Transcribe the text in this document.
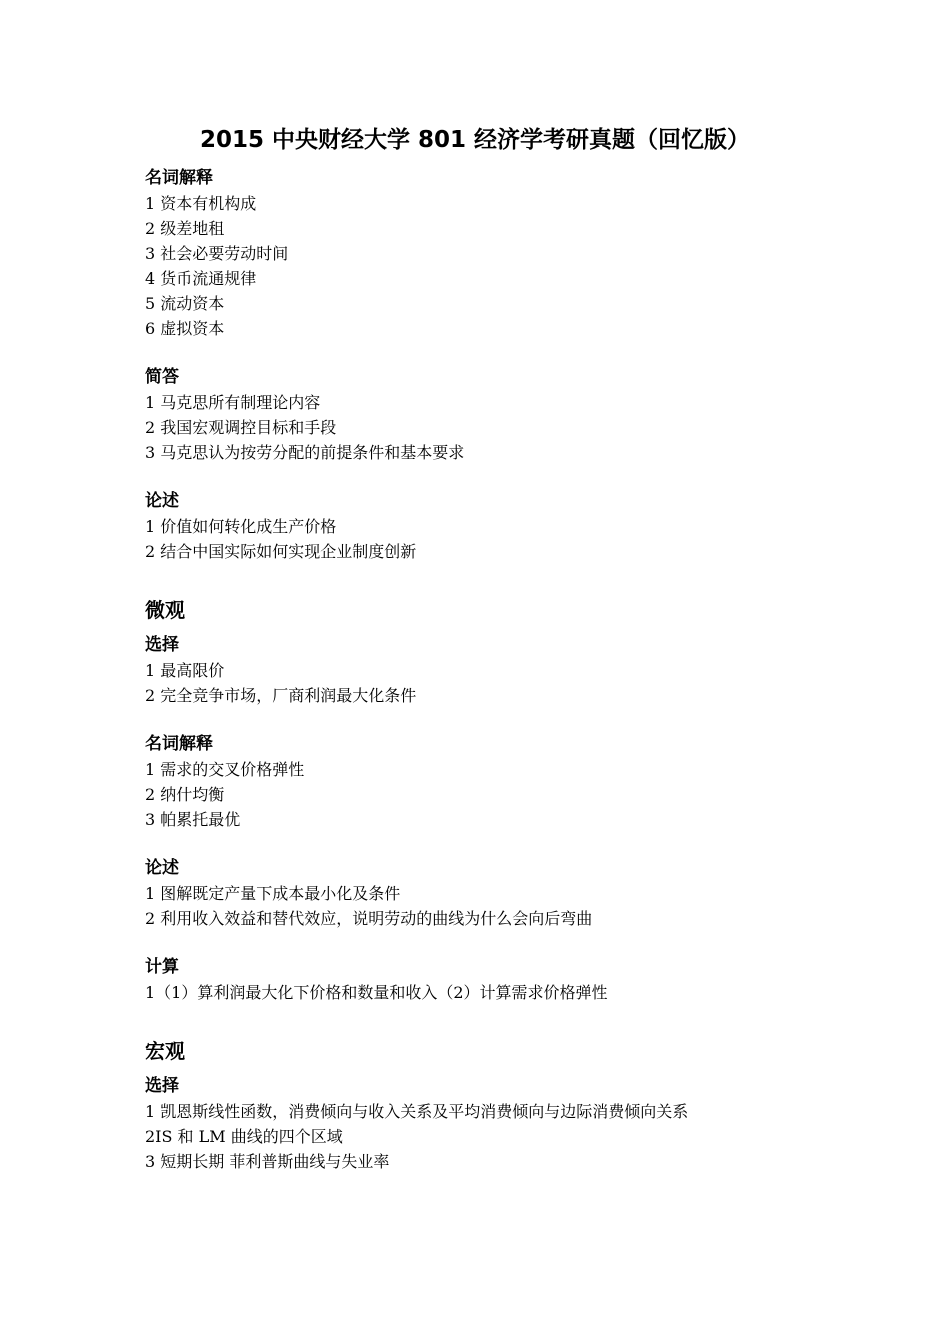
2015 中央财经大学 801 经济学考研真题（回忆版）
名词解释
1 资本有机构成
2 级差地租
3 社会必要劳动时间
4 货币流通规律
5 流动资本
6 虚拟资本
简答
1 马克思所有制理论内容
2 我国宏观调控目标和手段
3 马克思认为按劳分配的前提条件和基本要求
论述
1 价值如何转化成生产价格
2 结合中国实际如何实现企业制度创新
微观
选择
1 最高限价
2 完全竞争市场，厂商利润最大化条件
名词解释
1 需求的交叉价格弹性
2 纳什均衡
3 帕累托最优
论述
1 图解既定产量下成本最小化及条件
2 利用收入效益和替代效应，说明劳动的曲线为什么会向后弯曲
计算
1（1）算利润最大化下价格和数量和收入（2）计算需求价格弹性
宏观
选择
1 凯恩斯线性函数，消费倾向与收入关系及平均消费倾向与边际消费倾向关系
2IS 和 LM 曲线的四个区域
3 短期长期 菲利普斯曲线与失业率
